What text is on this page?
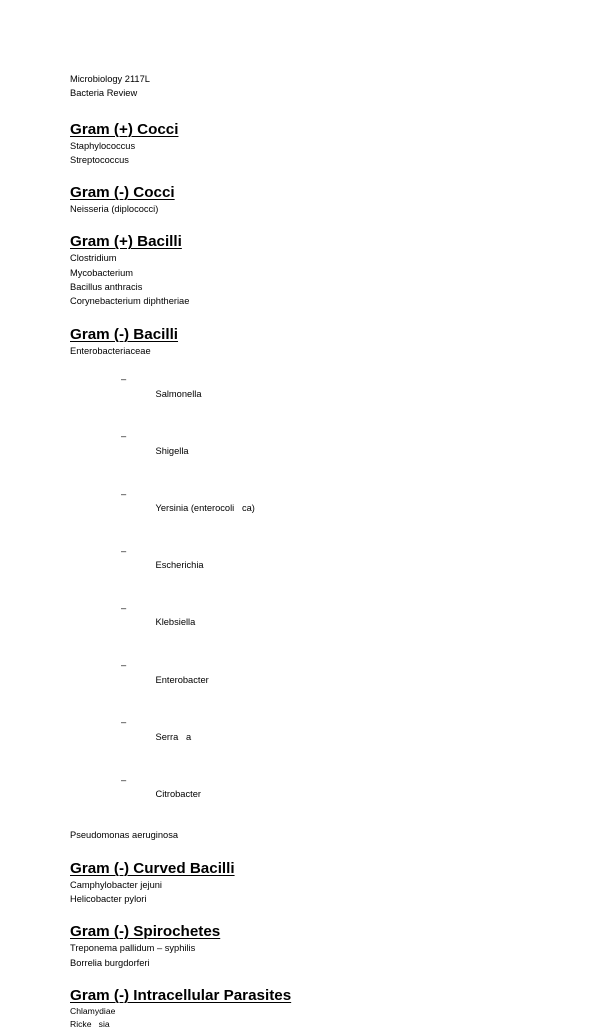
Microbiology 2117L
Bacteria Review
Gram (+) Cocci
Staphylococcus
Streptococcus
Gram (-) Cocci
Neisseria (diplococci)
Gram (+) Bacilli
Clostridium
Mycobacterium
Bacillus anthracis
Corynebacterium diphtheriae
Gram (-) Bacilli
Enterobacteriaceae

–

Salmonella

–

Shigella

–

Yersinia (enterocoli   ca)

–

Escherichia

–

Klebsiella

–

Enterobacter

–

Serra   a

–

Citrobacter

Pseudomonas aeruginosa
Gram (-) Curved Bacilli
Camphylobacter jejuni
Helicobacter pylori
Gram (-) Spirochetes
Treponema pallidum – syphilis
Borrelia burgdorferi
Gram (-) Intracellular Parasites
Chlamydiae
Ricke   sia
